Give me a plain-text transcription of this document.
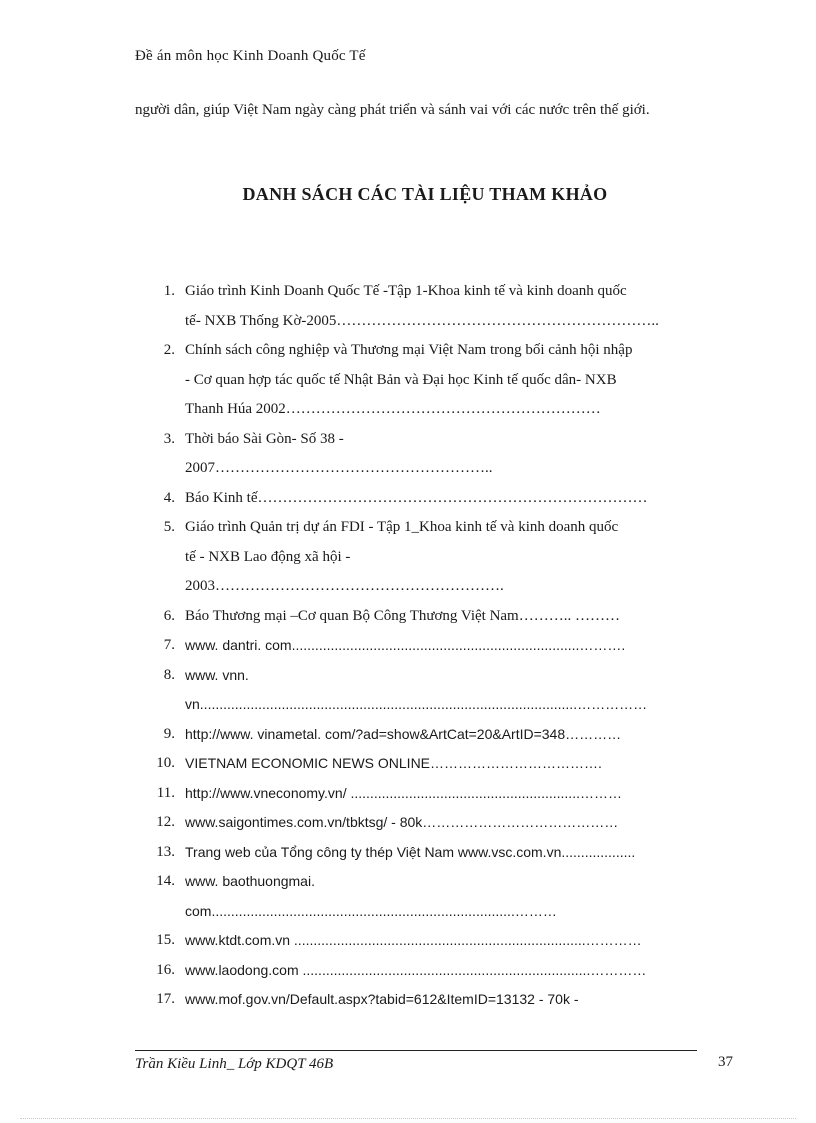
Đề án môn học Kinh Doanh Quốc Tế
người dân, giúp Việt Nam ngày càng phát triển và sánh vai với các nước trên thế giới.
DANH SÁCH CÁC TÀI LIỆU THAM KHẢO
1. Giáo trình Kinh Doanh Quốc Tế -Tập 1-Khoa kinh tế và kinh doanh quốc
tế- NXB Thống Kờ-2005………………………………………………………..
2. Chính sách công nghiệp và Thương mại Việt Nam trong bối cảnh hội nhập
- Cơ quan hợp tác quốc tế Nhật Bản và Đại học Kinh tế quốc dân- NXB
Thanh Húa 2002………………………………………………………
3. Thời báo Sài Gòn- Số 38 -
2007………………………………………………..
4. Báo Kinh tế……………………………………………………………………
5. Giáo trình Quản trị dự án FDI - Tập 1_Khoa kinh tế và kinh doanh quốc
tế - NXB Lao động xã hội -
2003………………………………………………….
6. Báo Thương mại –Cơ quan Bộ Công Thương Việt Nam……….. ………
7. www. dantri. com..........................................................................……….
8. www. vnn.
vn.................................................................................................……………
9. http://www. vinametal. com/?ad=show&ArtCat=20&ArtID=348…………
10. VIETNAM ECONOMIC NEWS ONLINE……………………………….
11. http://www.vneconomy.vn/ ...........................................................………
12. www.saigontimes.com.vn/tbktsg/ - 80k……………………………………
13. Trang web của Tổng công ty thép Việt Nam www.vsc.com.vn...................
14. www. baothuongmai.
com..............................................................................………
15. www.ktdt.com.vn ...........................................................................…………
16. www.laodong.com ..........................................................................…………
17. www.mof.gov.vn/Default.aspx?tabid=612&ItemID=13132 - 70k -
Trần Kiều Linh_ Lớp KDQT 46B	37
